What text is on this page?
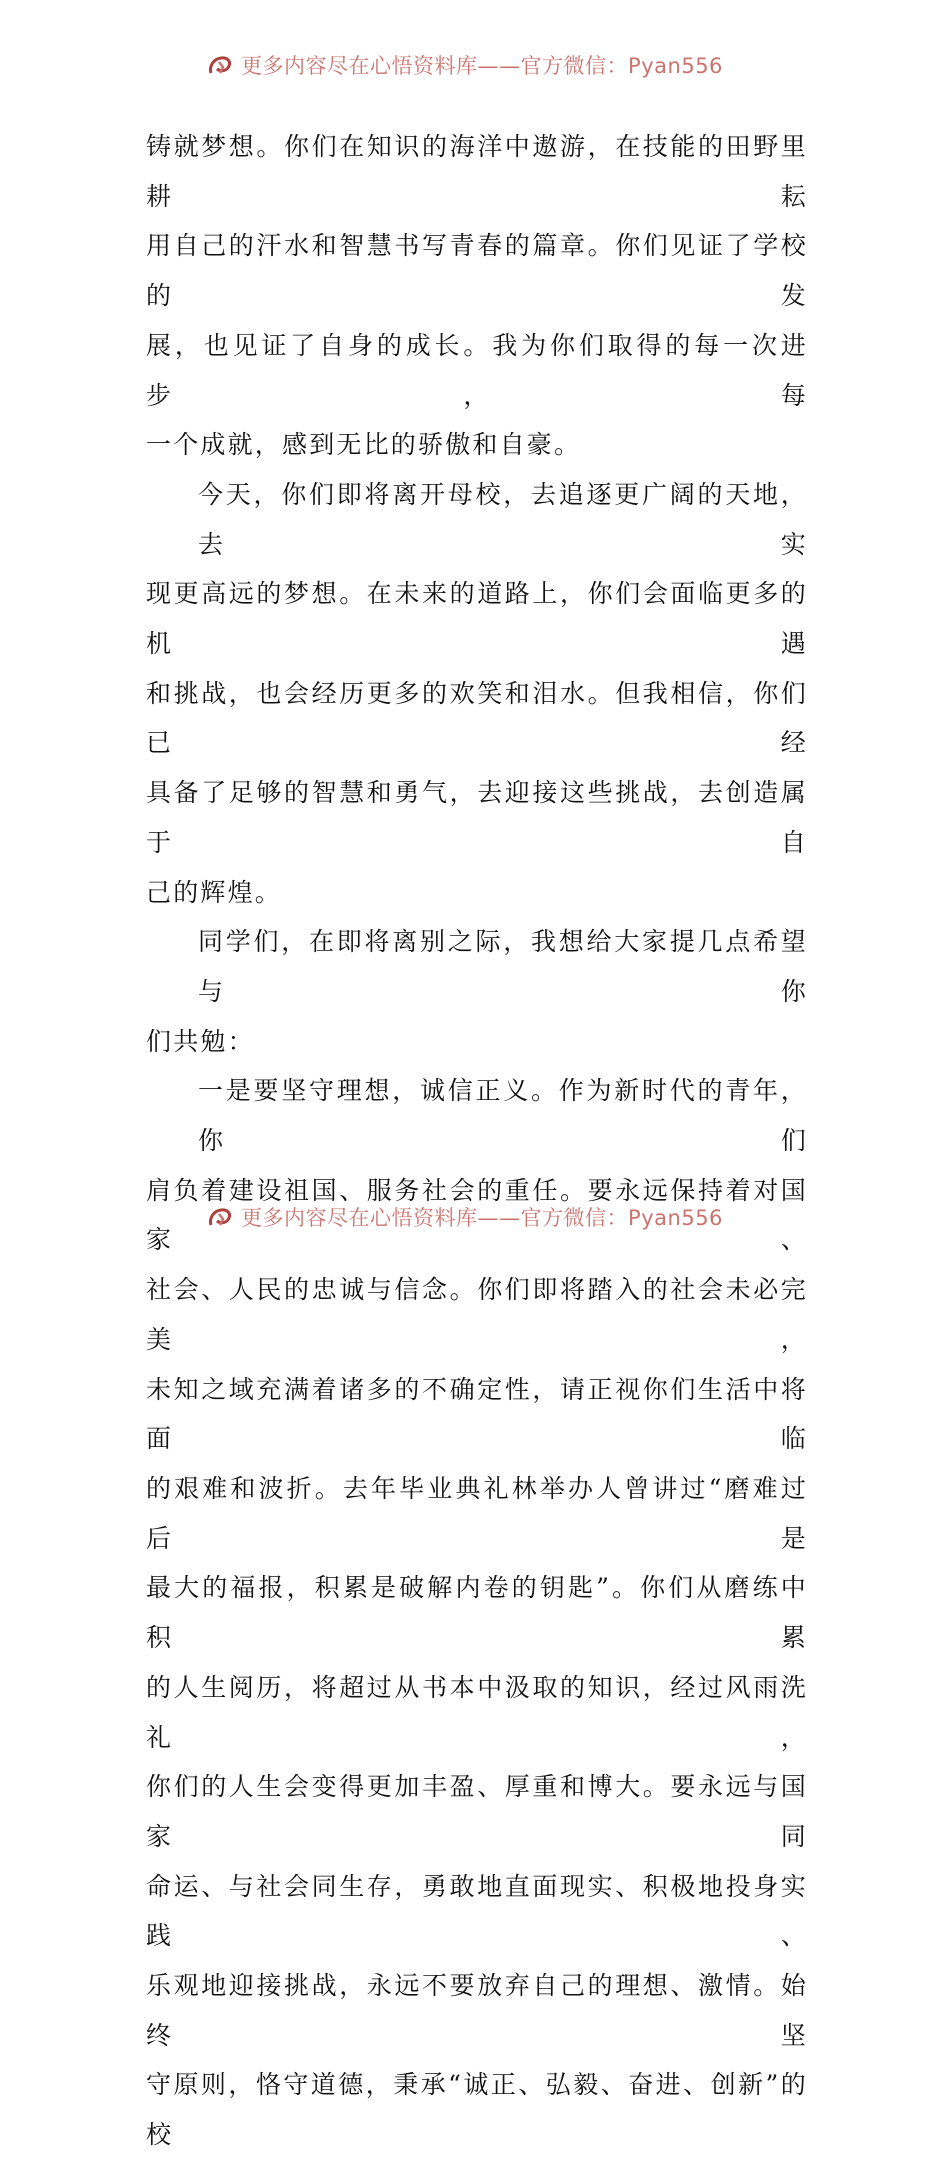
更多内容尽在心悟资料库——官方微信：Pyan556
铸就梦想。你们在知识的海洋中遨游，在技能的田野里耕耘
用自己的汗水和智慧书写青春的篇章。你们见证了学校的发
展，也见证了自身的成长。我为你们取得的每一次进步，每
一个成就，感到无比的骄傲和自豪。
今天，你们即将离开母校，去追逐更广阔的天地，去实
现更高远的梦想。在未来的道路上，你们会面临更多的机遇
和挑战，也会经历更多的欢笑和泪水。但我相信，你们已经
具备了足够的智慧和勇气，去迎接这些挑战，去创造属于自
己的辉煌。
同学们，在即将离别之际，我想给大家提几点希望与你
们共勉：
一是要坚守理想，诚信正义。作为新时代的青年，你们
肩负着建设祖国、服务社会的重任。要永远保持着对国家、
社会、人民的忠诚与信念。你们即将踏入的社会未必完美，
未知之域充满着诸多的不确定性，请正视你们生活中将面临
的艰难和波折。去年毕业典礼林举办人曾讲过“磨难过后是
最大的福报，积累是破解内卷的钥匙”。你们从磨练中积累
的人生阅历，将超过从书本中汲取的知识，经过风雨洗礼，
你们的人生会变得更加丰盈、厚重和博大。要永远与国家同
命运、与社会同生存，勇敢地直面现实、积极地投身实践、
乐观地迎接挑战，永远不要放弃自己的理想、激情。始终坚
守原则，恪守道德，秉承“诚正、弘毅、奋进、创新”的校
更多内容尽在心悟资料库——官方微信：Pyan556
